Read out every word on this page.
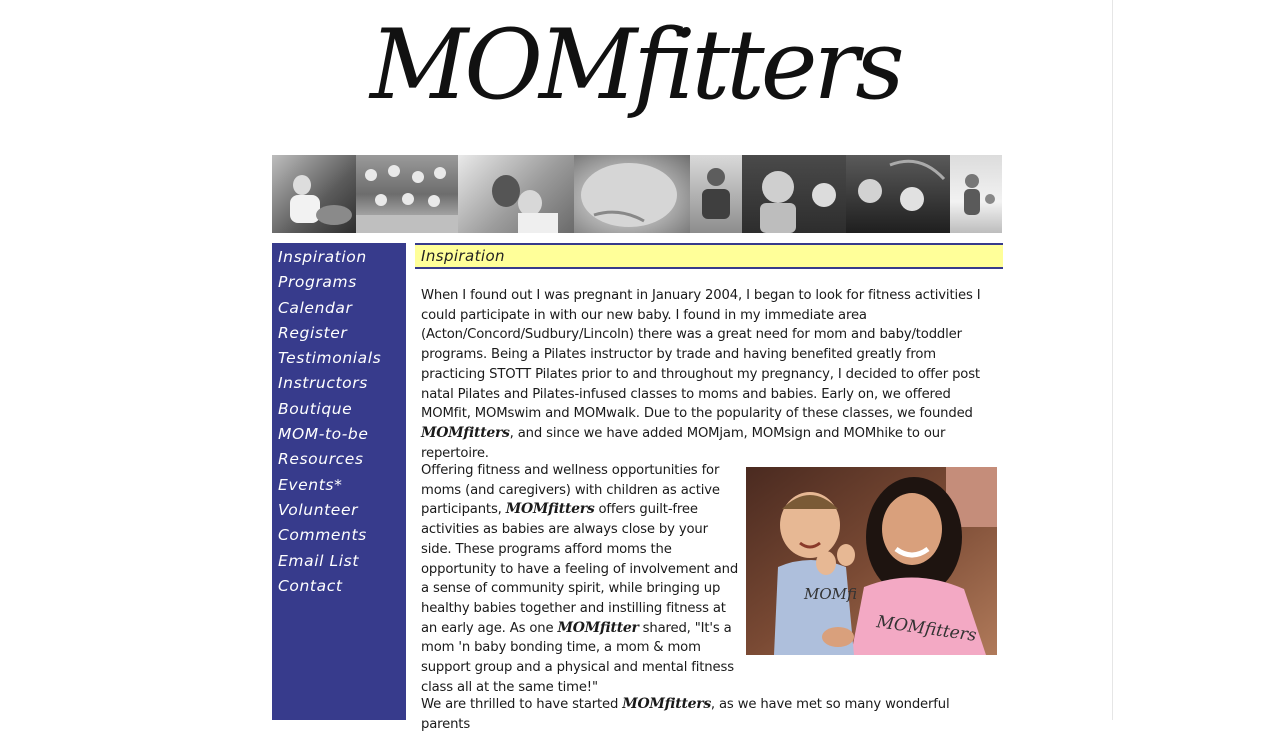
MOMfitters
Inspiration
Programs
Calendar
Register
Testimonials
Instructors
Boutique
MOM-to-be
Resources
Events*
Volunteer
Comments
Email List
Contact
Inspiration

When I found out I was pregnant in January 2004, I began to look for fitness activities I could participate in with our new baby. I found in my immediate area (Acton/Concord/Sudbury/Lincoln) there was a great need for mom and baby/toddler programs. Being a Pilates instructor by trade and having benefited greatly from practicing STOTT Pilates prior to and throughout my pregnancy, I decided to offer post natal Pilates and Pilates-infused classes to moms and babies. Early on, we offered MOMfit, MOMswim and MOMwalk. Due to the popularity of these classes, we founded MOMfitters, and since we have added MOMjam, MOMsign and MOMhike to our repertoire.

Offering fitness and wellness opportunities for moms (and caregivers) with children as active participants, MOMfitters offers guilt-free activities as babies are always close by your side. These programs afford moms the opportunity to have a feeling of involvement and a sense of community spirit, while bringing up healthy babies together and instilling fitness at an early age. As one MOMfitter shared, "It's a mom 'n baby bonding time, a mom & mom support group and a physical and mental fitness class all at the same time!"

MOMfitters
MOMfi

We are thrilled to have started MOMfitters, as we have met so many wonderful parents
